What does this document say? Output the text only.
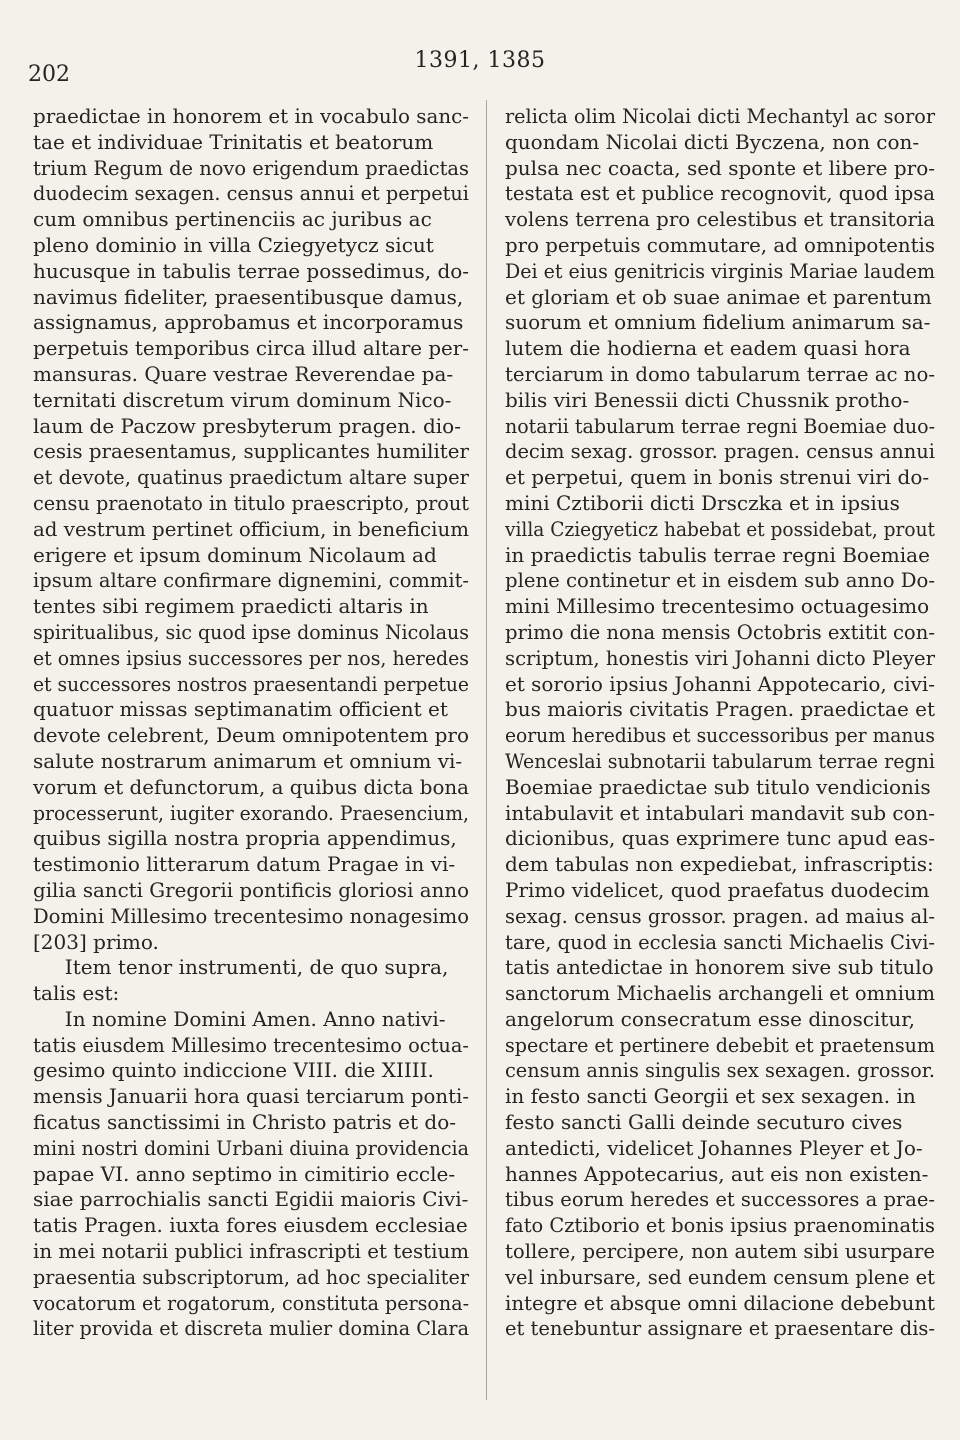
202
1391, 1385
praedictae in honorem et in vocabulo sanc-
tae et individuae Trinitatis et beatorum
trium Regum de novo erigendum praedictas
duodecim sexagen. census annui et perpetui
cum omnibus pertinenciis ac juribus ac
pleno dominio in villa Cziegyetycz sicut
hucusque in tabulis terrae possedimus, do-
navimus fideliter, praesentibusque damus,
assignamus, approbamus et incorporamus
perpetuis temporibus circa illud altare per-
mansuras. Quare vestrae Reverendae pa-
ternitati discretum virum dominum Nico-
laum de Paczow presbyterum pragen. dio-
cesis praesentamus, supplicantes humiliter
et devote, quatinus praedictum altare super
censu praenotato in titulo praescripto, prout
ad vestrum pertinet officium, in beneficium
erigere et ipsum dominum Nicolaum ad
ipsum altare confirmare dignemini, commit-
tentes sibi regimem praedicti altaris in
spiritualibus, sic quod ipse dominus Nicolaus
et omnes ipsius successores per nos, heredes
et successores nostros praesentandi perpetue
quatuor missas septimanatim officient et
devote celebrent, Deum omnipotentem pro
salute nostrarum animarum et omnium vi-
vorum et defunctorum, a quibus dicta bona
processerunt, iugiter exorando. Praesencium,
quibus sigilla nostra propria appendimus,
testimonio litterarum datum Pragae in vi-
gilia sancti Gregorii pontificis gloriosi anno
Domini Millesimo trecentesimo nonagesimo
[203] primo.
Item tenor instrumenti, de quo supra,
talis est:
In nomine Domini Amen. Anno nativi-
tatis eiusdem Millesimo trecentesimo octua-
gesimo quinto indiccione VIII. die XIIII.
mensis Januarii hora quasi terciarum ponti-
ficatus sanctissimi in Christo patris et do-
mini nostri domini Urbani diuina providencia
papae VI. anno septimo in cimitirio eccle-
siae parrochialis sancti Egidii maioris Civi-
tatis Pragen. iuxta fores eiusdem ecclesiae
in mei notarii publici infrascripti et testium
praesentia subscriptorum, ad hoc specialiter
vocatorum et rogatorum, constituta persona-
liter provida et discreta mulier domina Clara
relicta olim Nicolai dicti Mechantyl ac soror
quondam Nicolai dicti Byczena, non con-
pulsa nec coacta, sed sponte et libere pro-
testata est et publice recognovit, quod ipsa
volens terrena pro celestibus et transitoria
pro perpetuis commutare, ad omnipotentis
Dei et eius genitricis virginis Mariae laudem
et gloriam et ob suae animae et parentum
suorum et omnium fidelium animarum sa-
lutem die hodierna et eadem quasi hora
terciarum in domo tabularum terrae ac no-
bilis viri Benessii dicti Chussnik protho-
notarii tabularum terrae regni Boemiae duo-
decim sexag. grossor. pragen. census annui
et perpetui, quem in bonis strenui viri do-
mini Cztiborii dicti Drsczka et in ipsius
villa Cziegyeticz habebat et possidebat, prout
in praedictis tabulis terrae regni Boemiae
plene continetur et in eisdem sub anno Do-
mini Millesimo trecentesimo octuagesimo
primo die nona mensis Octobris extitit con-
scriptum, honestis viri Johanni dicto Pleyer
et sororio ipsius Johanni Appotecario, civi-
bus maioris civitatis Pragen. praedictae et
eorum heredibus et successoribus per manus
Wenceslai subnotarii tabularum terrae regni
Boemiae praedictae sub titulo vendicionis
intabulavit et intabulari mandavit sub con-
dicionibus, quas exprimere tunc apud eas-
dem tabulas non expediebat, infrascriptis:
Primo videlicet, quod praefatus duodecim
sexag. census grossor. pragen. ad maius al-
tare, quod in ecclesia sancti Michaelis Civi-
tatis antedictae in honorem sive sub titulo
sanctorum Michaelis archangeli et omnium
angelorum consecratum esse dinoscitur,
spectare et pertinere debebit et praetensum
censum annis singulis sex sexagen. grossor.
in festo sancti Georgii et sex sexagen. in
festo sancti Galli deinde secuturo cives
antedicti, videlicet Johannes Pleyer et Jo-
hannes Appotecarius, aut eis non existen-
tibus eorum heredes et successores a prae-
fato Cztiborio et bonis ipsius praenominatis
tollere, percipere, non autem sibi usurpare
vel inbursare, sed eundem censum plene et
integre et absque omni dilacione debebunt
et tenebuntur assignare et praesentare dis-
